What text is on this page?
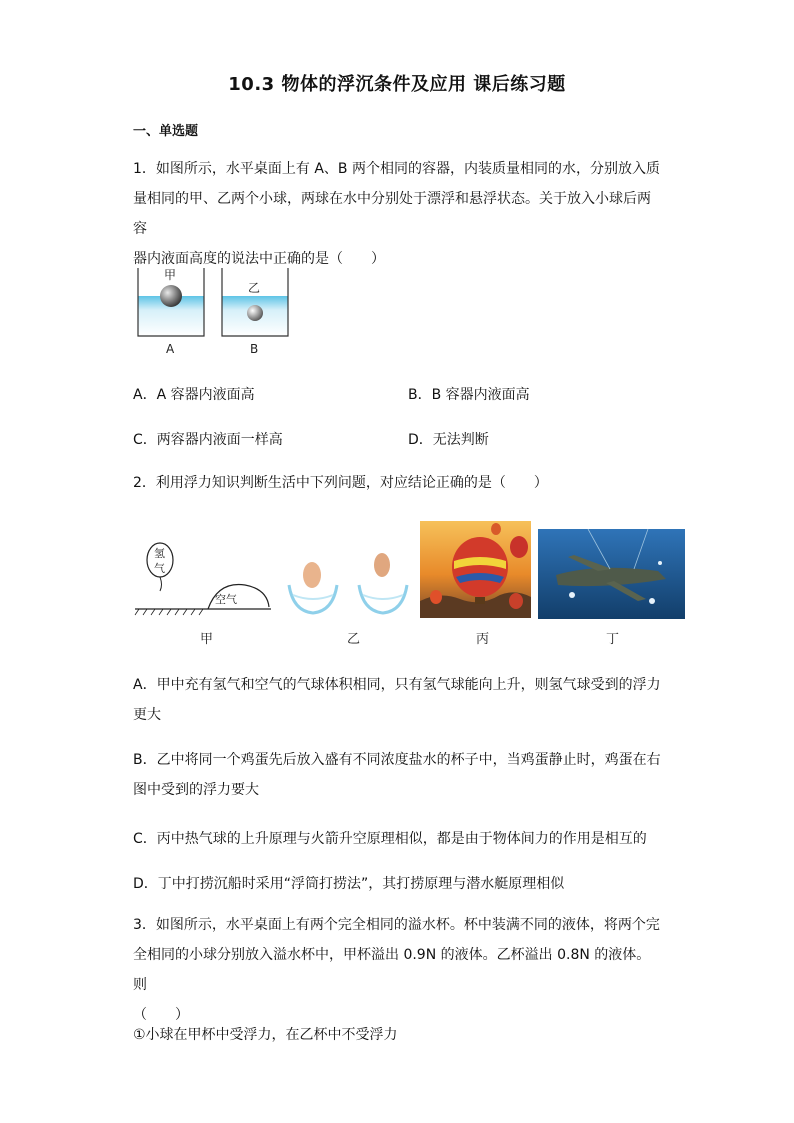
10.3 物体的浮沉条件及应用 课后练习题
一、单选题
1．如图所示，水平桌面上有 A、B 两个相同的容器，内装质量相同的水，分别放入质
量相同的甲、乙两个小球，两球在水中分别处于漂浮和悬浮状态。关于放入小球后两容
器内液面高度的说法中正确的是（　　）
甲
乙
A	B
A．A 容器内液面高	B．B 容器内液面高
C．两容器内液面一样高	D．无法判断
2．利用浮力知识判断生活中下列问题，对应结论正确的是（　　）
氢
气
空气
甲	乙	丙	丁
A．甲中充有氢气和空气的气球体积相同，只有氢气球能向上升，则氢气球受到的浮力
更大
B．乙中将同一个鸡蛋先后放入盛有不同浓度盐水的杯子中，当鸡蛋静止时，鸡蛋在右
图中受到的浮力要大
C．丙中热气球的上升原理与火箭升空原理相似，都是由于物体间力的作用是相互的
D．丁中打捞沉船时采用“浮筒打捞法”，其打捞原理与潜水艇原理相似
3．如图所示，水平桌面上有两个完全相同的溢水杯。杯中装满不同的液体，将两个完
全相同的小球分别放入溢水杯中，甲杯溢出 0.9N 的液体。乙杯溢出 0.8N 的液体。则
（　　）
①小球在甲杯中受浮力，在乙杯中不受浮力
